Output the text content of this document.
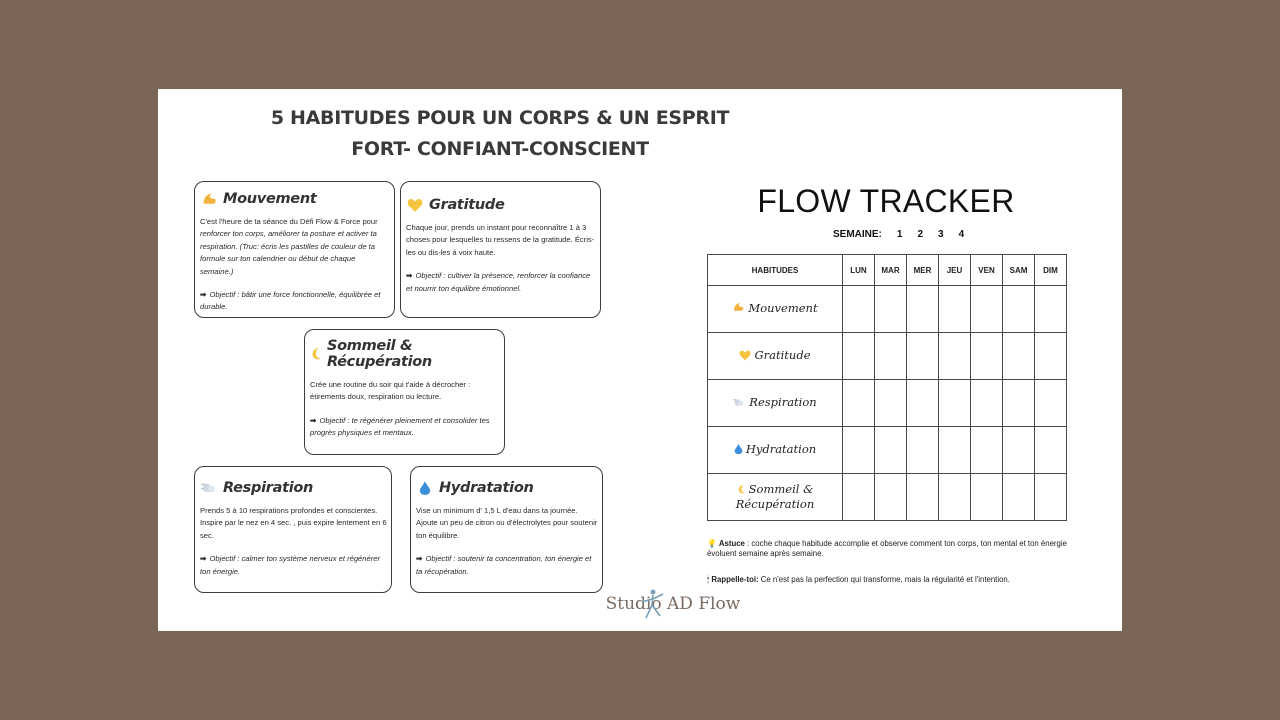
5 HABITUDES POUR UN CORPS & UN ESPRIT
FORT- CONFIANT-CONSCIENT
Mouvement

C'est l'heure de ta séance du Défi Flow & Force pour renforcer ton corps, améliorer ta posture et activer ta respiration. (Truc: écris les pastilles de couleur de ta formule sur ton calendrier ou début de chaque semaine.)

➡ Objectif : bâtir une force fonctionnelle, équilibrée et durable.

Gratitude

Chaque jour, prends un instant pour reconnaître 1 à 3 choses pour lesquelles tu ressens de la gratitude. Écris-les ou dis-les à voix haute.

➡ Objectif : cultiver la présence, renforcer la confiance et nourrir ton équilibre émotionnel.

Sommeil & Récupération

Crée une routine du soir qui t'aide à décrocher : étirements doux, respiration ou lecture.

➡ Objectif : te régénérer pleinement et consolider tes progrès physiques et mentaux.

Respiration

Prends 5 à 10 respirations profondes et conscientes. Inspire par le nez en 4 sec. , puis expire lentement en 6 sec.

➡ Objectif : calmer ton système nerveux et régénérer ton énergie.

Hydratation

Vise un minimum d' 1,5 L d'eau dans ta journée. Ajoute un peu de citron ou d'électrolytes pour soutenir ton équilibre.

➡ Objectif : soutenir ta concentration, ton énergie et ta récupération.

FLOW TRACKER
SEMAINE: 1 2 3 4
HABITUDES	LUN	MAR	MER	JEU	VEN	SAM	DIM
Mouvement							
Gratitude							
Respiration							
Hydratation							
Sommeil &
Récupération							
💡 Astuce : coche chaque habitude accomplie et observe comment ton corps, ton mental et ton énergie évoluent semaine après semaine.
🕯 Rappelle-toi: Ce n'est pas la perfection qui transforme, mais la régularité et l'intention.
Studio AD Flow
